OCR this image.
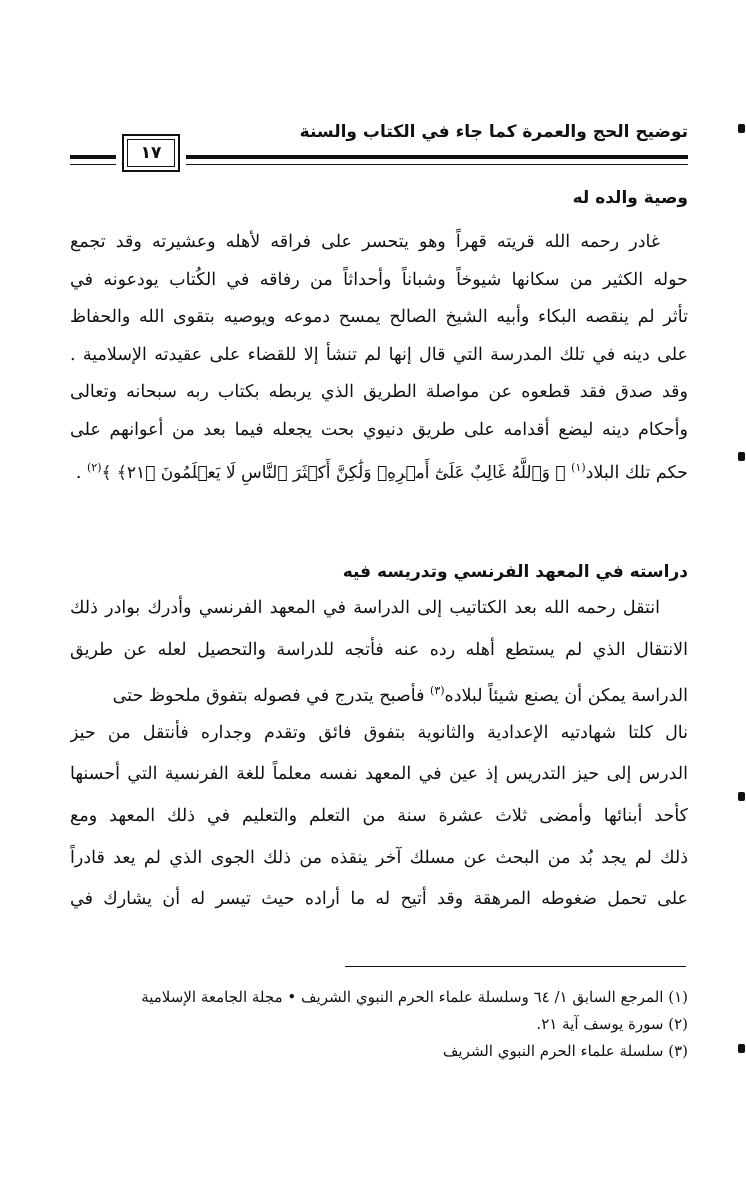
توضيح الحج والعمرة كما جاء في الكتاب والسنة
١٧
وصية والده له
غادر رحمه الله قريته قهراً وهو يتحسر على فراقه لأهله وعشيرته وقد تجمع
حوله الكثير من سكانها شيوخاً وشباناً وأحداثاً من رفاقه في الكُتاب يودعونه في
تأثر لم ينقصه البكاء وأبيه الشيخ الصالح يمسح دموعه ويوصيه بتقوى الله والحفاظ
على دينه في تلك المدرسة التي قال إنها لم تنشأ إلا للقضاء على عقيدته الإسلامية .
وقد صدق فقد قطعوه عن مواصلة الطريق الذي يربطه بكتاب ربه سبحانه وتعالى
وأحكام دينه ليضع أقدامه على طريق دنيوي بحت يجعله فيما بعد من أعوانهم على
حكم تلك البلاد$^{(١)}$ ﴿ وَٱللَّهُ غَالِبٌ عَلَىٰٓ أَمۡرِهِۦ وَلَٰكِنَّ أَكۡثَرَ ٱلنَّاسِ لَا يَعۡلَمُونَ ﴿٢١﴾ ﴾$^{(٢)}$ .
دراسته في المعهد الفرنسي وتدريسه فيه
انتقل رحمه الله بعد الكتاتيب إلى الدراسة في المعهد الفرنسي وأدرك بوادر ذلك
الانتقال الذي لم يستطع أهله رده عنه فأتجه للدراسة والتحصيل لعله عن طريق
الدراسة يمكن أن يصنع شيئاً لبلاده$^{(٣)}$ فأصبح يتدرج في فصوله بتفوق ملحوظ حتى
نال كلتا شهادتيه الإعدادية والثانوية بتفوق فائق وتقدم وجداره فأنتقل من حيز
الدرس إلى حيز التدريس إذ عين في المعهد نفسه معلماً للغة الفرنسية التي أحسنها
كأحد أبنائها وأمضى ثلاث عشرة سنة من التعلم والتعليم في ذلك المعهد ومع
ذلك لم يجد بُد من البحث عن مسلك آخر ينقذه من ذلك الجوى الذي لم يعد قادراً
على تحمل ضغوطه المرهقة وقد أتيح له ما أراده حيث تيسر له أن يشارك في
(١) المرجع السابق ١/ ٦٤ وسلسلة علماء الحرم النبوي الشريف • مجلة الجامعة الإسلامية
(٢) سورة يوسف آية ٢١.
(٣) سلسلة علماء الحرم النبوي الشريف
